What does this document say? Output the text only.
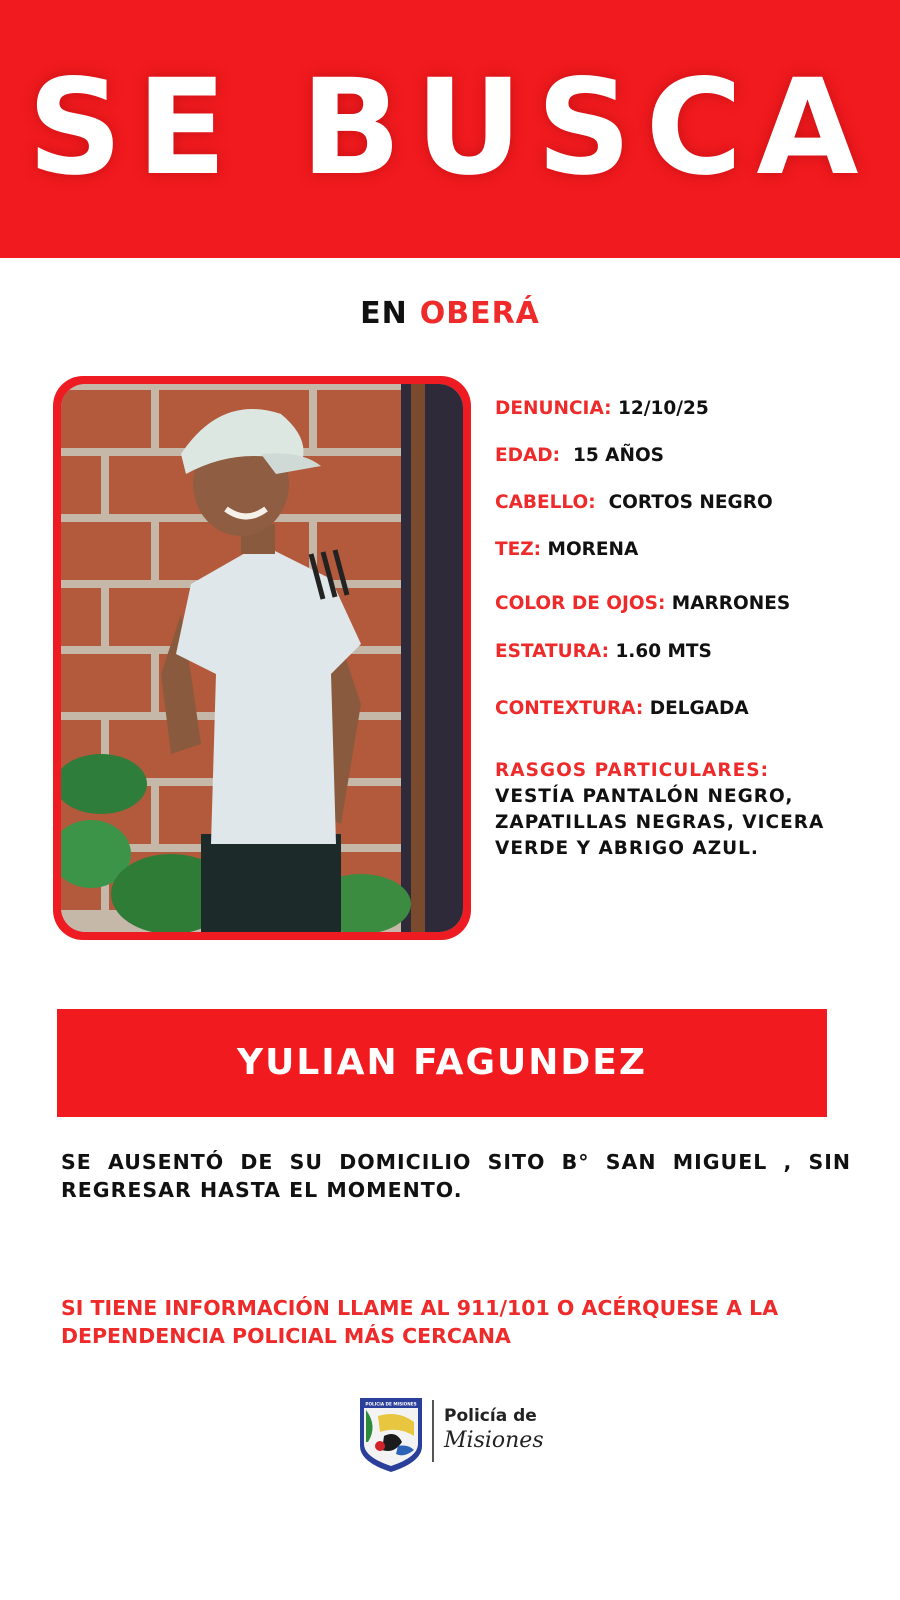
SE BUSCA
EN OBERÁ
DENUNCIA: 12/10/25
EDAD: 15 AÑOS
CABELLO: CORTOS NEGRO
TEZ: MORENA
COLOR DE OJOS: MARRONES
ESTATURA: 1.60 MTS
CONTEXTURA: DELGADA
RASGOS PARTICULARES: VESTÍA PANTALÓN NEGRO, ZAPATILLAS NEGRAS, VICERA VERDE Y ABRIGO AZUL.
YULIAN FAGUNDEZ
SE AUSENTÓ DE SU DOMICILIO SITO B° SAN MIGUEL , SIN REGRESAR HASTA EL MOMENTO.
SI TIENE INFORMACIÓN LLAME AL 911/101 O ACÉRQUESE A LA DEPENDENCIA POLICIAL MÁS CERCANA
POLICIA DE MISIONES
Policía de
Misiones
